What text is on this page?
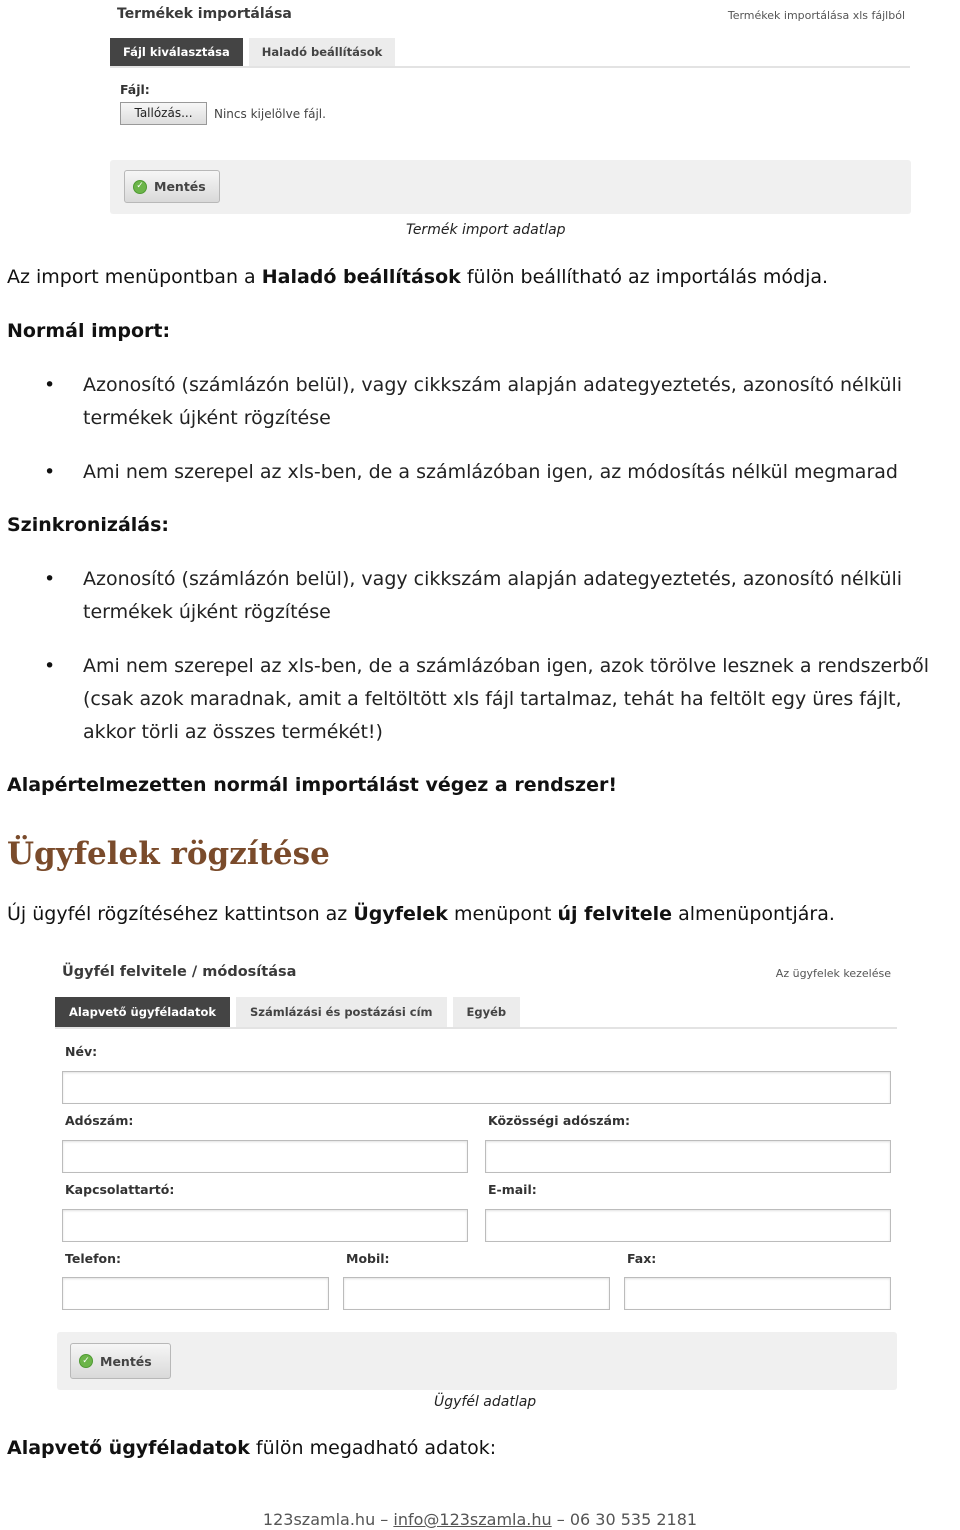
Termékek importálása	Termékek importálása xls fájlból
Fájl kiválasztása	Haladó beállítások
Fájl:
Tallózás...	Nincs kijelölve fájl.
✓ Mentés
Termék import adatlap
Az import menüpontban a Haladó beállítások fülön beállítható az importálás módja.
Normál import:
• Azonosító (számlázón belül), vagy cikkszám alapján adategyeztetés, azonosító nélküli termékek újként rögzítése
• Ami nem szerepel az xls-ben, de a számlázóban igen, az módosítás nélkül megmarad
Szinkronizálás:
• Azonosító (számlázón belül), vagy cikkszám alapján adategyeztetés, azonosító nélküli termékek újként rögzítése
• Ami nem szerepel az xls-ben, de a számlázóban igen, azok törölve lesznek a rendszerből (csak azok maradnak, amit a feltöltött xls fájl tartalmaz, tehát ha feltölt egy üres fájlt, akkor törli az összes termékét!)
Alapértelmezetten normál importálást végez a rendszer!
Ügyfelek rögzítése
Új ügyfél rögzítéséhez kattintson az Ügyfelek menüpont új felvitele almenüpontjára.
Ügyfél felvitele / módosítása	Az ügyfelek kezelése
Alapvető ügyféladatok	Számlázási és postázási cím	Egyéb
Név:
Adószám:	Közösségi adószám:
Kapcsolattartó:	E-mail:
Telefon:	Mobil:	Fax:
✓ Mentés
Ügyfél adatlap
Alapvető ügyféladatok fülön megadható adatok:
123szamla.hu – info@123szamla.hu – 06 30 535 2181
